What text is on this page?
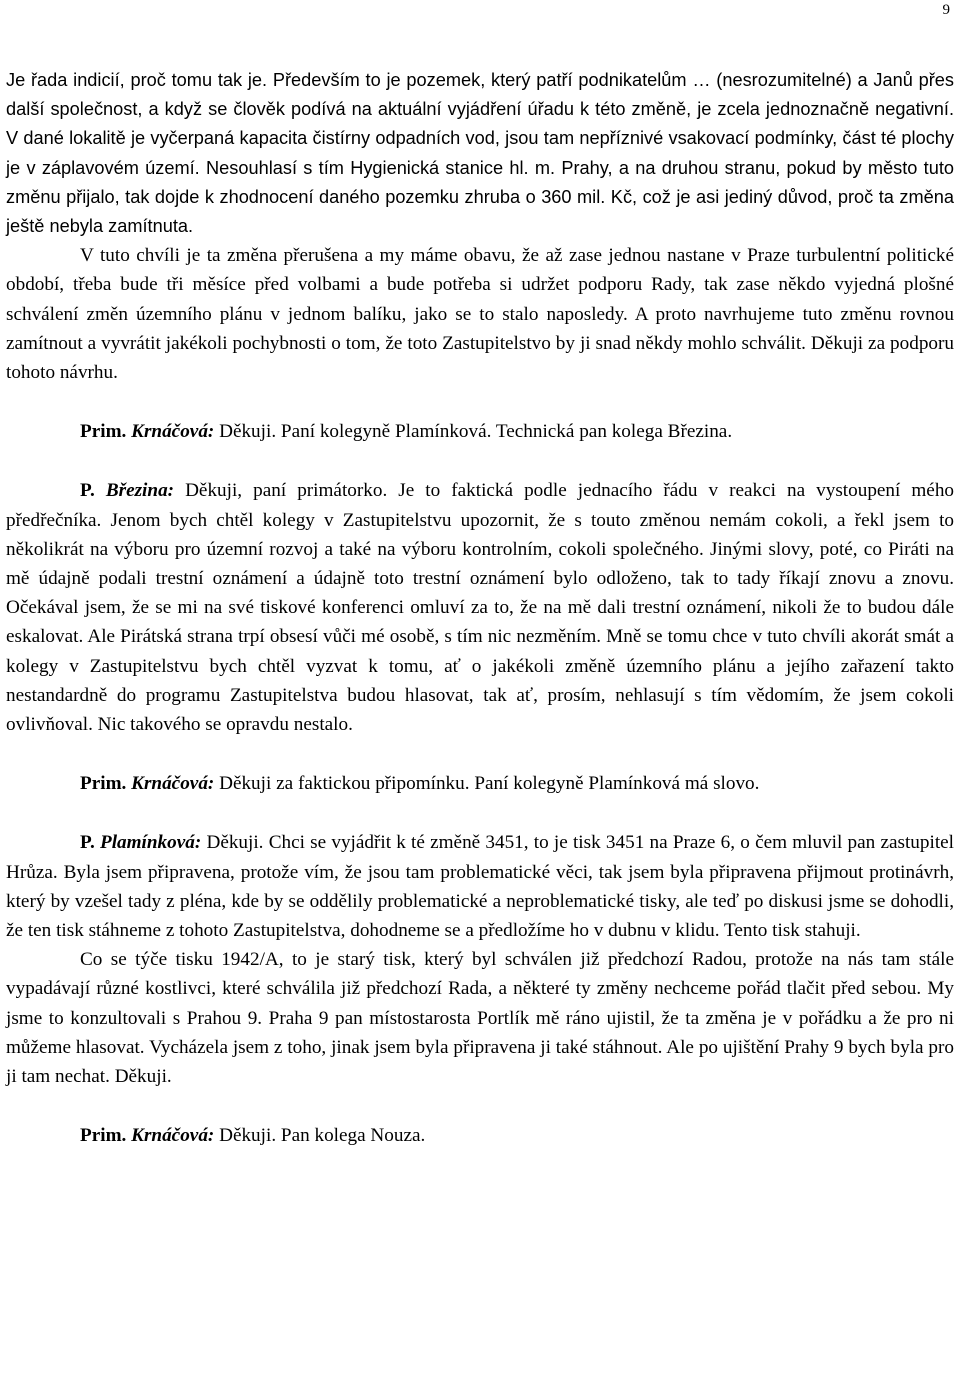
9

Je řada indicií, proč tomu tak je. Především to je pozemek, který patří podnikatelům … (nesrozumitelné) a Janů přes další společnost, a když se člověk podívá na aktuální vyjádření úřadu k této změně, je zcela jednoznačně negativní. V dané lokalitě je vyčerpaná kapacita čistírny odpadních vod, jsou tam nepříznivé vsakovací podmínky, část té plochy je v záplavovém území. Nesouhlasí s tím Hygienická stanice hl. m. Prahy, a na druhou stranu, pokud by město tuto změnu přijalo, tak dojde k zhodnocení daného pozemku zhruba o 360 mil. Kč, což je asi jediný důvod, proč ta změna ještě nebyla zamítnuta.

V tuto chvíli je ta změna přerušena a my máme obavu, že až zase jednou nastane v Praze turbulentní politické období, třeba bude tři měsíce před volbami a bude potřeba si udržet podporu Rady, tak zase někdo vyjedná plošné schválení změn územního plánu v jednom balíku, jako se to stalo naposledy. A proto navrhujeme tuto změnu rovnou zamítnout a vyvrátit jakékoli pochybnosti o tom, že toto Zastupitelstvo by ji snad někdy mohlo schválit. Děkuji za podporu tohoto návrhu.

Prim. Krnáčová: Děkuji. Paní kolegyně Plamínková. Technická pan kolega Březina.

P. Březina: Děkuji, paní primátorko. Je to faktická podle jednacího řádu v reakci na vystoupení mého předřečníka. Jenom bych chtěl kolegy v Zastupitelstvu upozornit, že s touto změnou nemám cokoli, a řekl jsem to několikrát na výboru pro územní rozvoj a také na výboru kontrolním, cokoli společného. Jinými slovy, poté, co Piráti na mě údajně podali trestní oznámení a údajně toto trestní oznámení bylo odloženo, tak to tady říkají znovu a znovu. Očekával jsem, že se mi na své tiskové konferenci omluví za to, že na mě dali trestní oznámení, nikoli že to budou dále eskalovat. Ale Pirátská strana trpí obsesí vůči mé osobě, s tím nic nezměním. Mně se tomu chce v tuto chvíli akorát smát a kolegy v Zastupitelstvu bych chtěl vyzvat k tomu, ať o jakékoli změně územního plánu a jejího zařazení takto nestandardně do programu Zastupitelstva budou hlasovat, tak ať, prosím, nehlasují s tím vědomím, že jsem cokoli ovlivňoval. Nic takového se opravdu nestalo.

Prim. Krnáčová: Děkuji za faktickou připomínku. Paní kolegyně Plamínková má slovo.

P. Plamínková: Děkuji. Chci se vyjádřit k té změně 3451, to je tisk 3451 na Praze 6, o čem mluvil pan zastupitel Hrůza. Byla jsem připravena, protože vím, že jsou tam problematické věci, tak jsem byla připravena přijmout protinávrh, který by vzešel tady z pléna, kde by se oddělily problematické a neproblematické tisky, ale teď po diskusi jsme se dohodli, že ten tisk stáhneme z tohoto Zastupitelstva, dohodneme se a předložíme ho v dubnu v klidu. Tento tisk stahuji.

Co se týče tisku 1942/A, to je starý tisk, který byl schválen již předchozí Radou, protože na nás tam stále vypadávají různé kostlivci, které schválila již předchozí Rada, a některé ty změny nechceme pořád tlačit před sebou. My jsme to konzultovali s Prahou 9. Praha 9 pan místostarosta Portlík mě ráno ujistil, že ta změna je v pořádku a že pro ni můžeme hlasovat. Vycházela jsem z toho, jinak jsem byla připravena ji také stáhnout. Ale po ujištění Prahy 9 bych byla pro ji tam nechat. Děkuji.

Prim. Krnáčová: Děkuji. Pan kolega Nouza.
